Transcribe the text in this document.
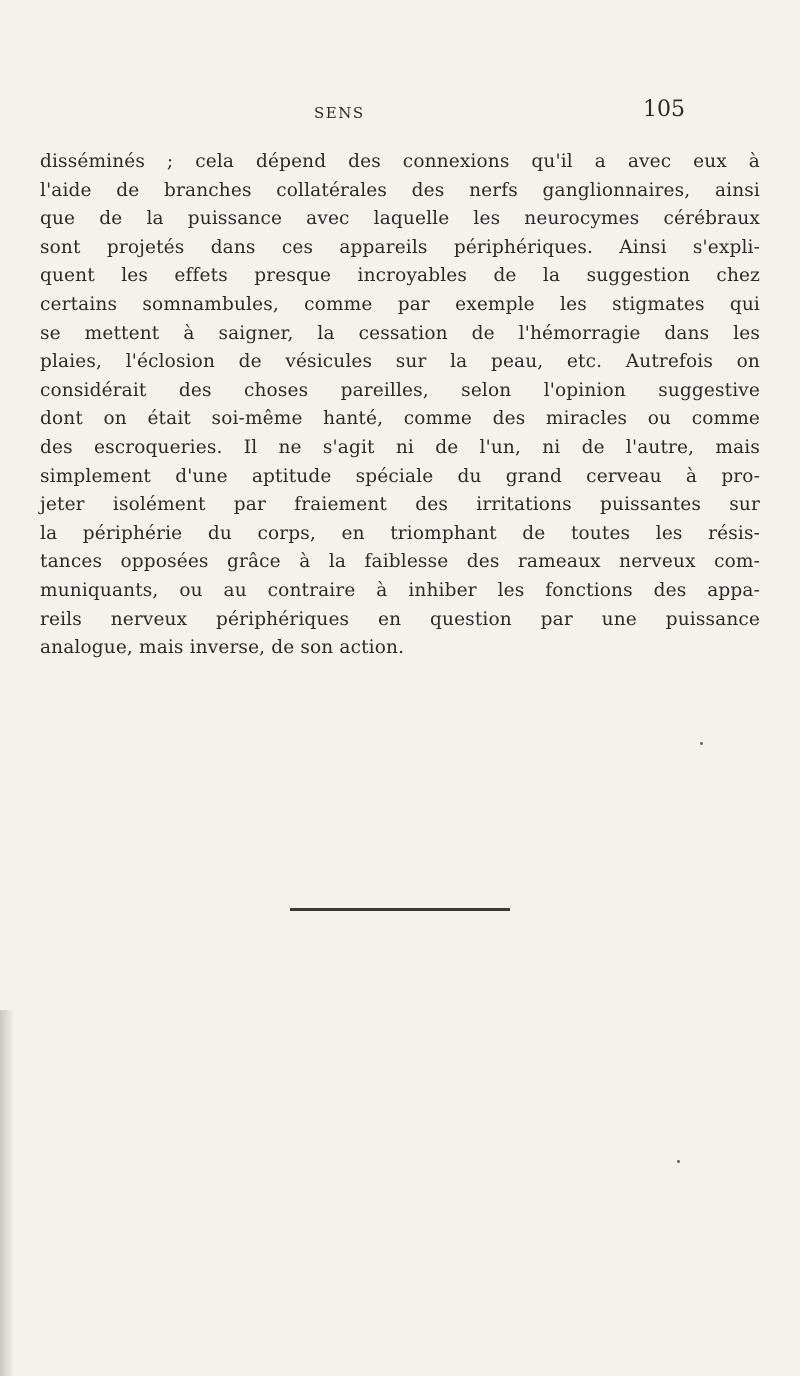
SENS	105
disséminés ; cela dépend des connexions qu'il a avec eux à
l'aide de branches collatérales des nerfs ganglionnaires, ainsi
que de la puissance avec laquelle les neurocymes cérébraux
sont projetés dans ces appareils périphériques. Ainsi s'expli-
quent les effets presque incroyables de la suggestion chez
certains somnambules, comme par exemple les stigmates qui
se mettent à saigner, la cessation de l'hémorragie dans les
plaies, l'éclosion de vésicules sur la peau, etc. Autrefois on
considérait des choses pareilles, selon l'opinion suggestive
dont on était soi-même hanté, comme des miracles ou comme
des escroqueries. Il ne s'agit ni de l'un, ni de l'autre, mais
simplement d'une aptitude spéciale du grand cerveau à pro-
jeter isolément par fraiement des irritations puissantes sur
la périphérie du corps, en triomphant de toutes les résis-
tances opposées grâce à la faiblesse des rameaux nerveux com-
muniquants, ou au contraire à inhiber les fonctions des appa-
reils nerveux périphériques en question par une puissance
analogue, mais inverse, de son action.
